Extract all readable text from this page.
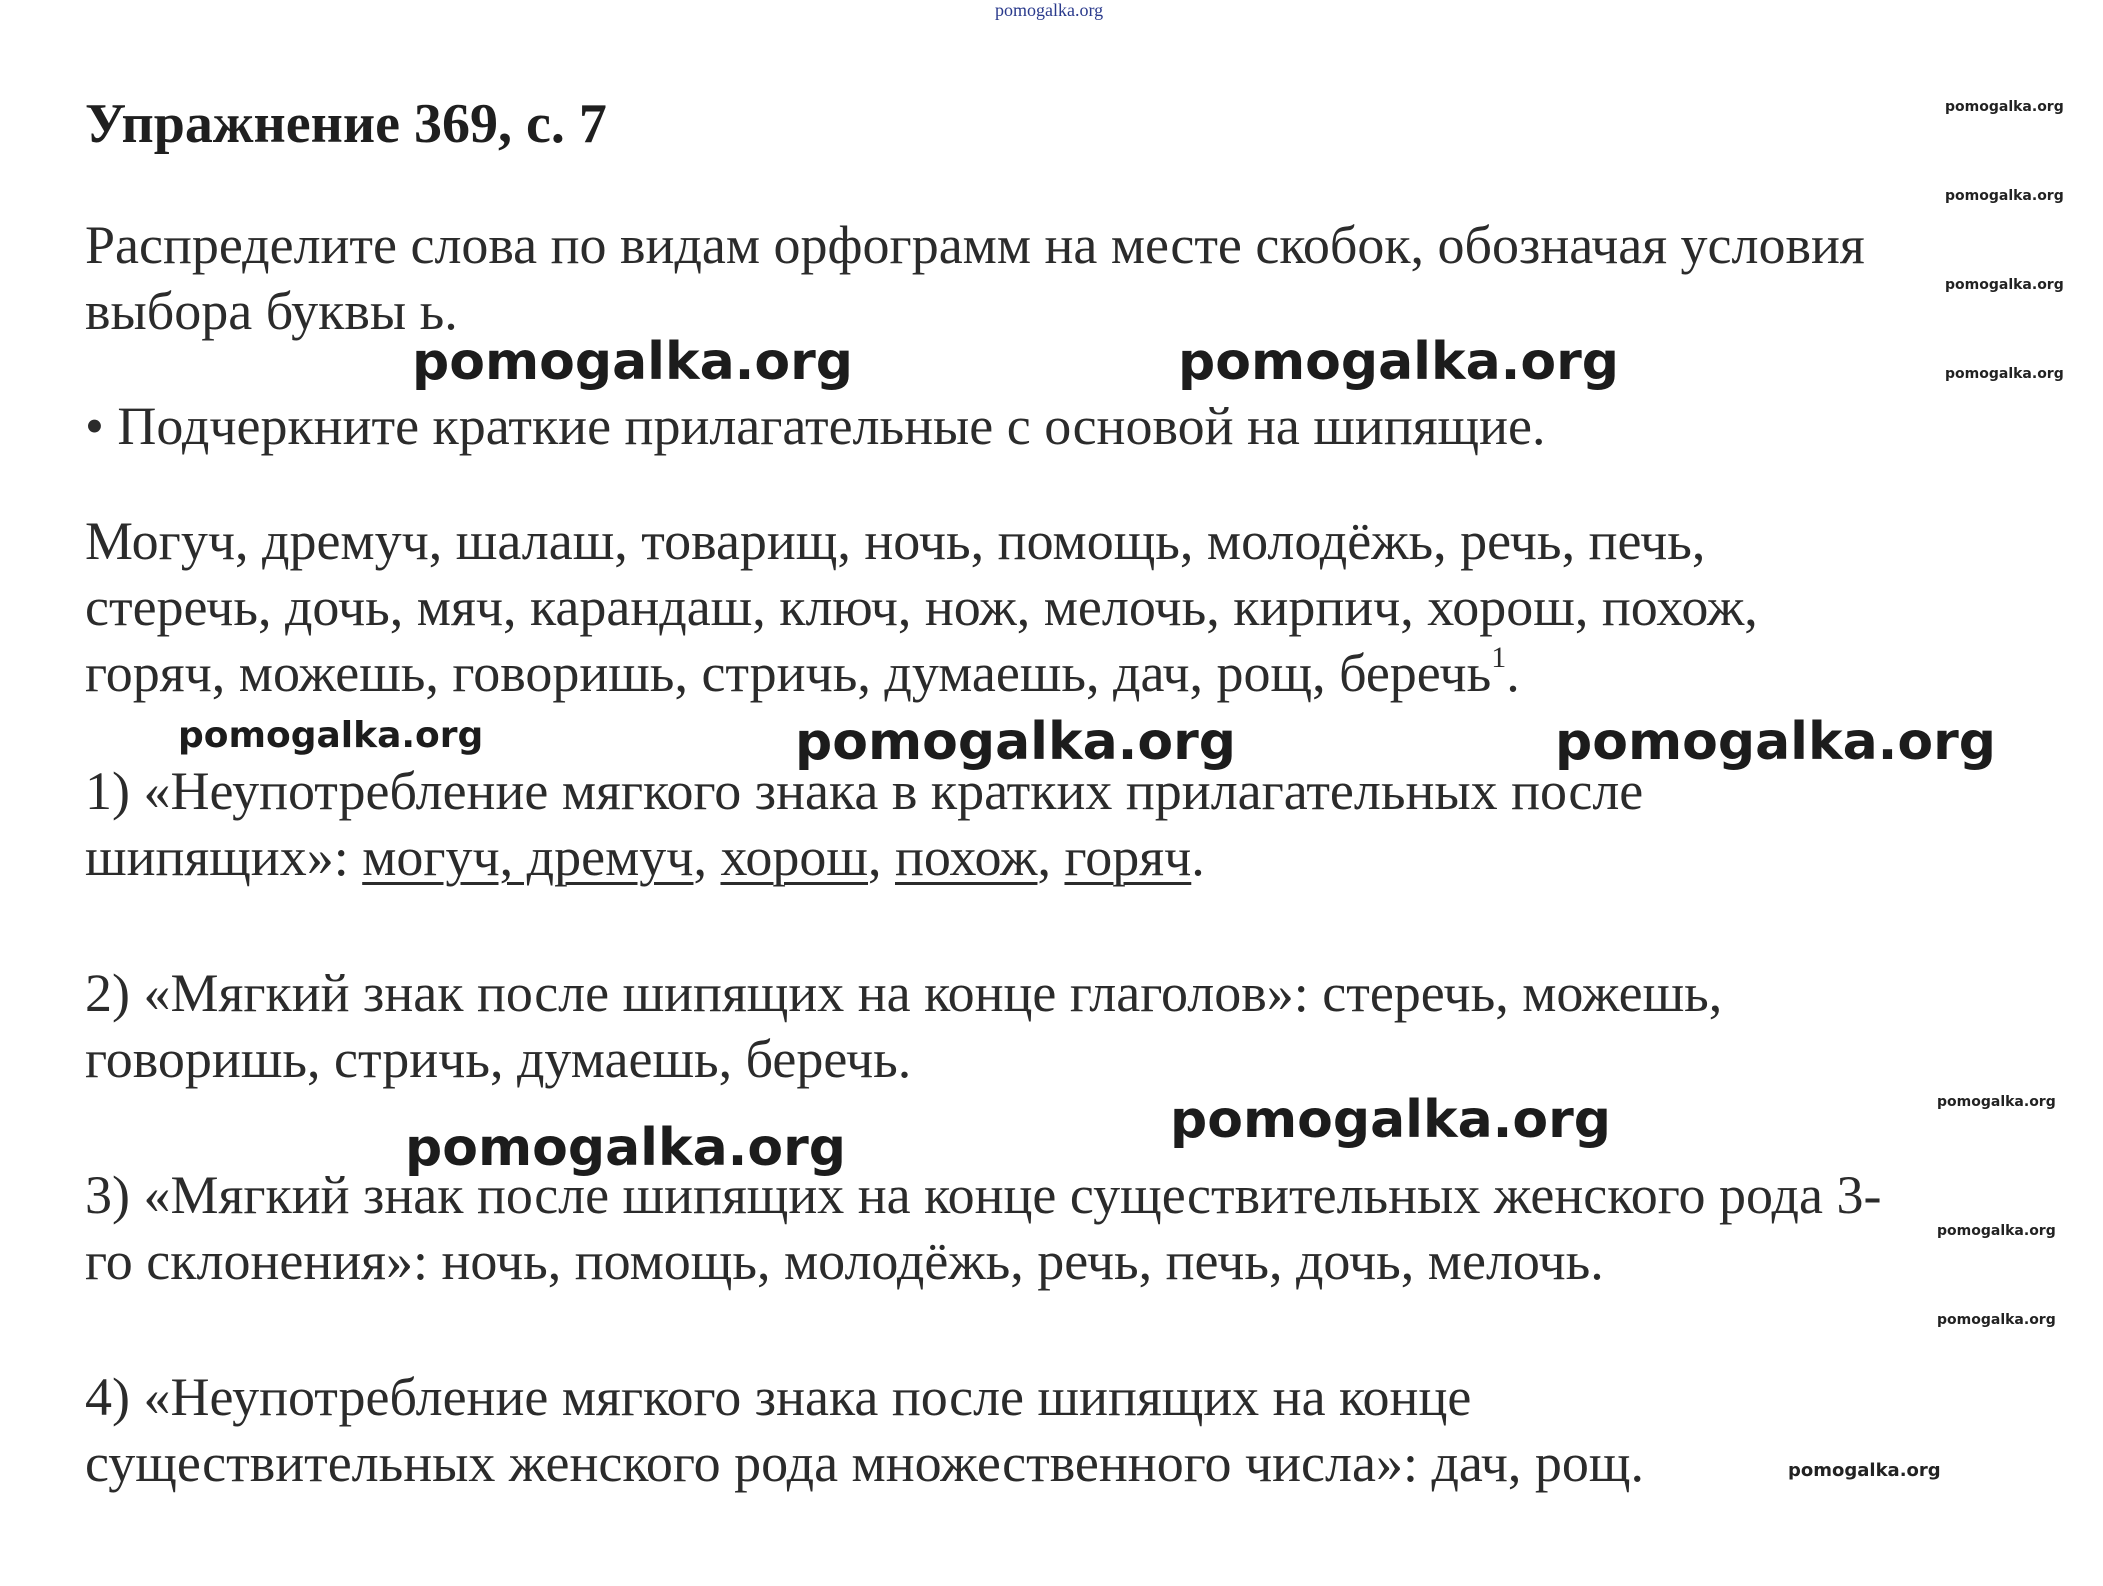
pomogalka.org
pomogalka.org
pomogalka.org
pomogalka.org
pomogalka.org
pomogalka.org
pomogalka.org
pomogalka.org
Упражнение 369, с. 7

Распределите слова по видам орфограмм на месте скобок, обозначая условия

выбора буквы ь.

pomogalka.org	pomogalka.org

• Подчеркните краткие прилагательные с основой на шипящие.

Могуч, дремуч, шалаш, товарищ, ночь, помощь, молодёжь, речь, печь,

стеречь, дочь, мяч, карандаш, ключ, нож, мелочь, кирпич, хорош, похож,

горяч, можешь, говоришь, стричь, думаешь, дач, рощ, беречь$^1$.

pomogalka.org	pomogalka.org	pomogalka.org

1) «Неупотребление мягкого знака в кратких прилагательных после

шипящих»: могуч, дремуч, хорош, похож, горяч.

2) «Мягкий знак после шипящих на конце глаголов»: стеречь, можешь,

говоришь, стричь, думаешь, беречь.

pomogalka.org
pomogalka.org

3) «Мягкий знак после шипящих на конце существительных женского рода 3-

го склонения»: ночь, помощь, молодёжь, речь, печь, дочь, мелочь.

4) «Неупотребление мягкого знака после шипящих на конце

существительных женского рода множественного числа»: дач, рощ.	pomogalka.org
